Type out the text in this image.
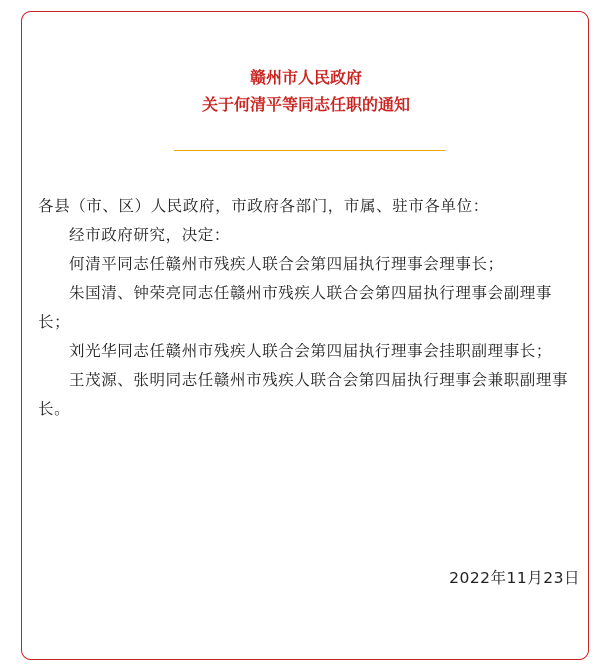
赣州市人民政府
关于何清平等同志任职的通知

各县（市、区）人民政府，市政府各部门，市属、驻市各单位：

经市政府研究，决定：

何清平同志任赣州市残疾人联合会第四届执行理事会理事长；

朱国清、钟荣亮同志任赣州市残疾人联合会第四届执行理事会副理事长；

刘光华同志任赣州市残疾人联合会第四届执行理事会挂职副理事长；

王茂源、张明同志任赣州市残疾人联合会第四届执行理事会兼职副理事长。

2022年11月23日
